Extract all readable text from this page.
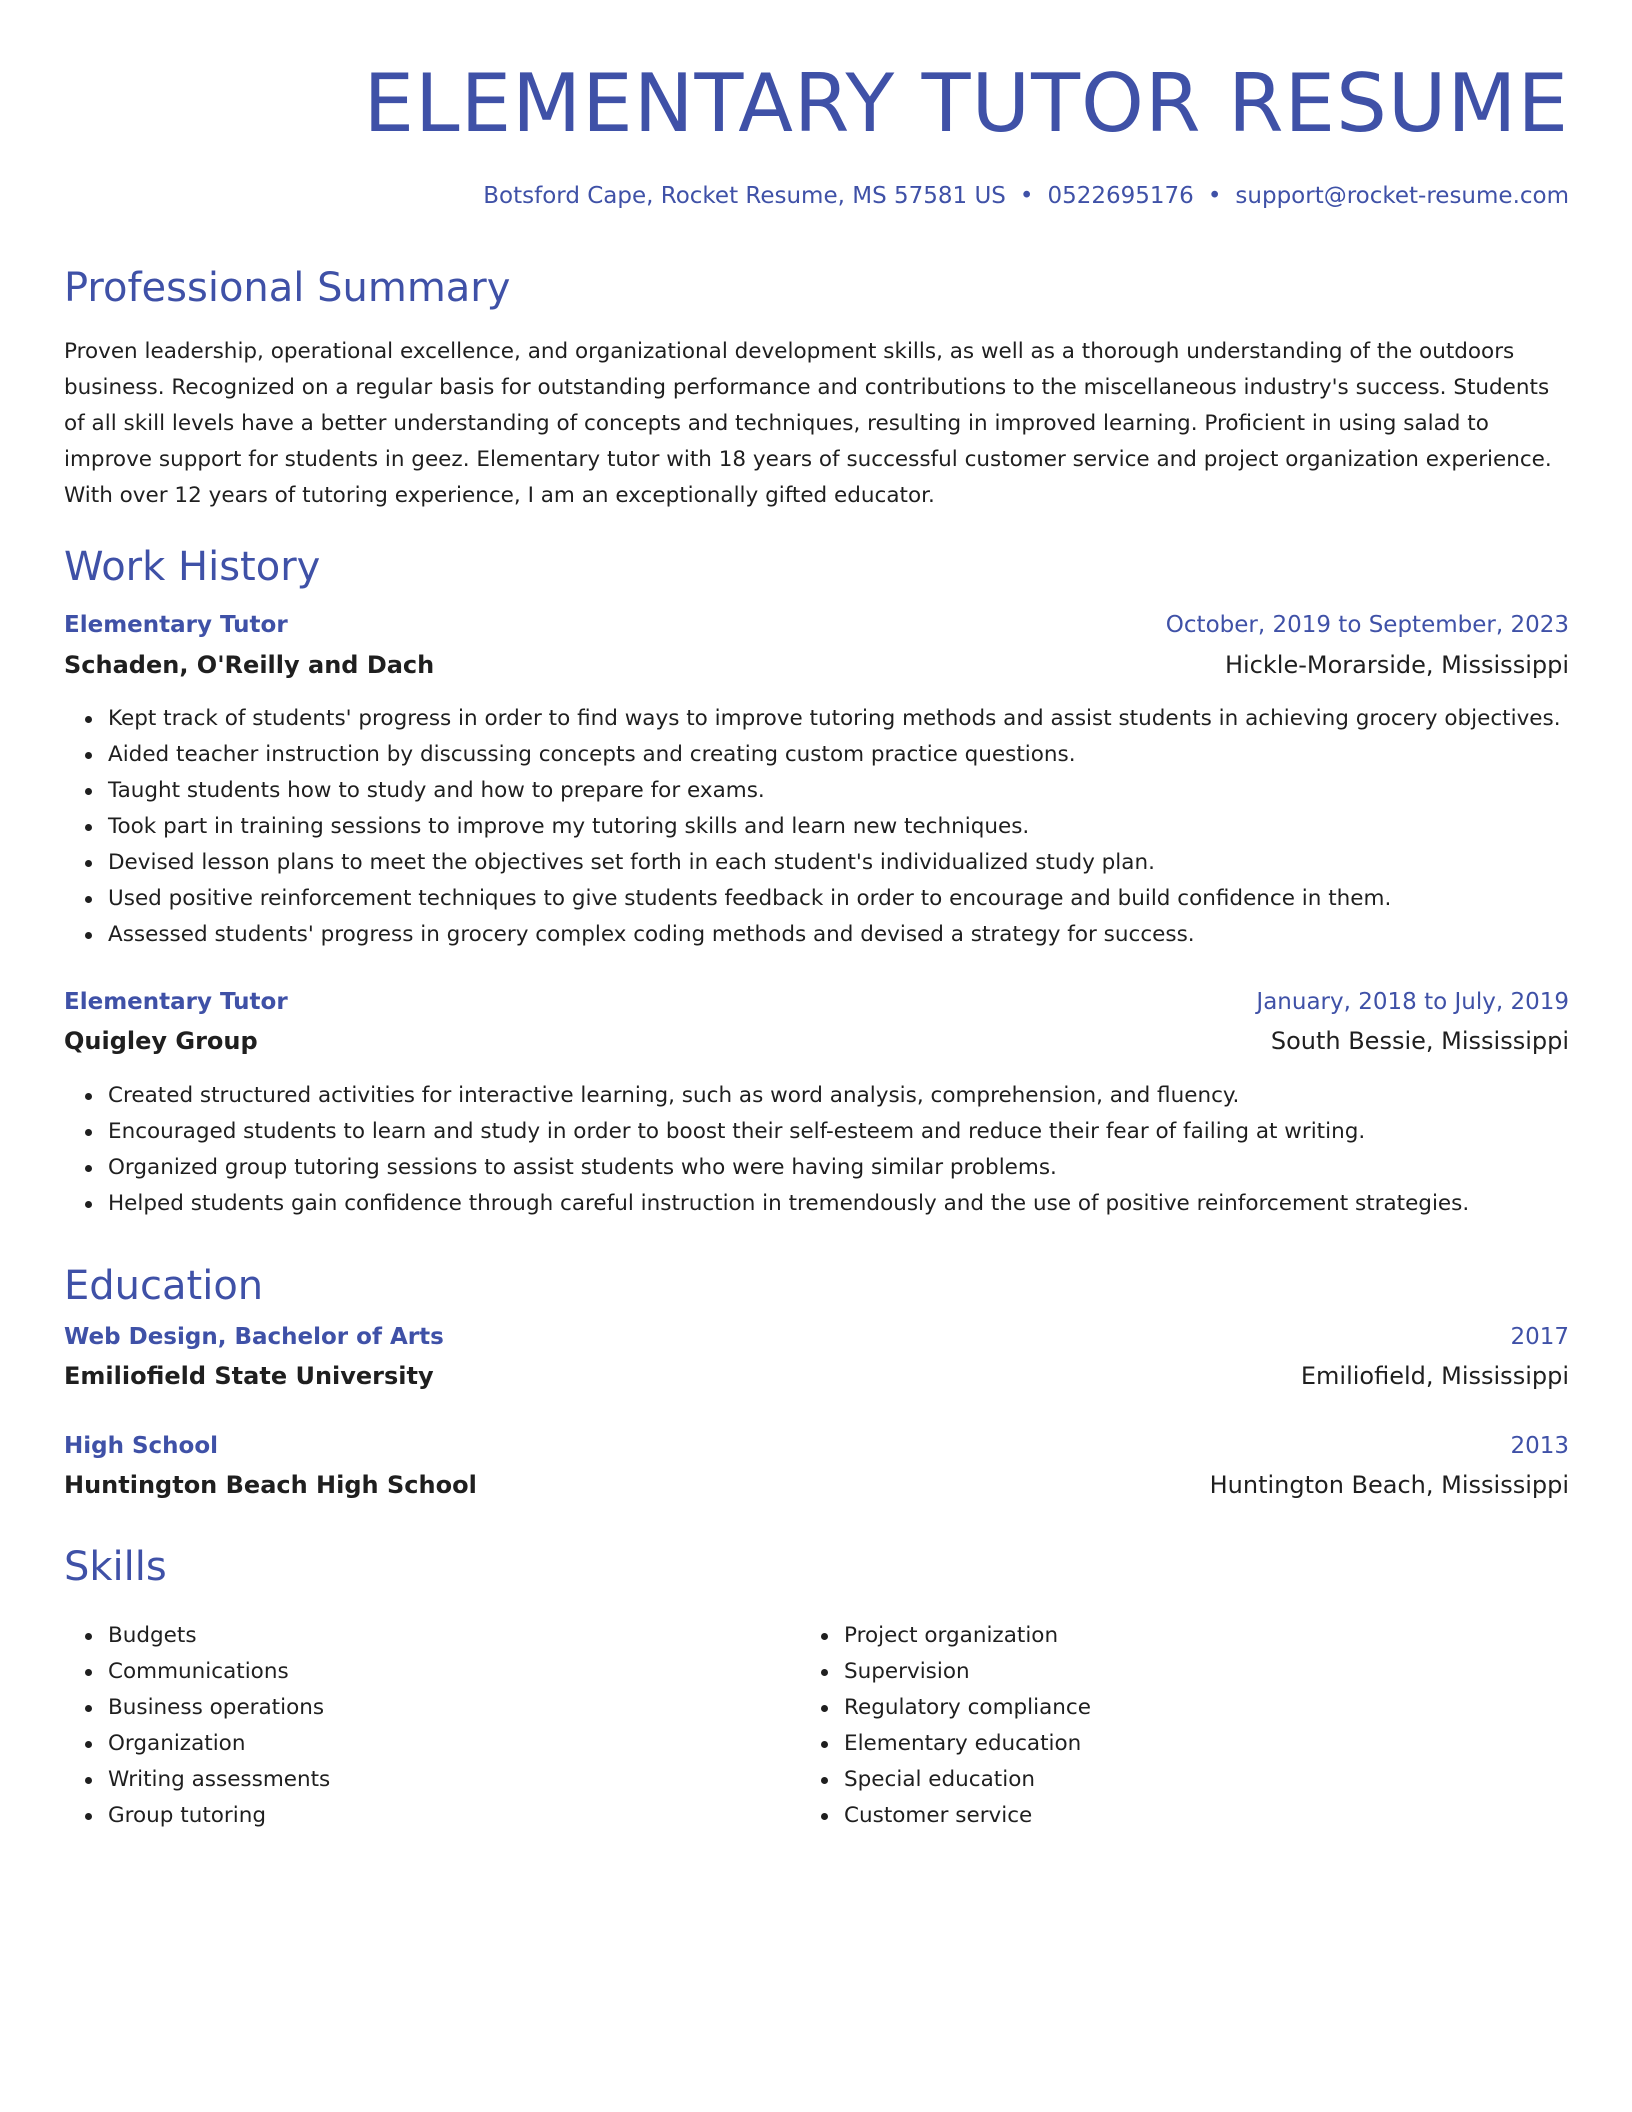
ELEMENTARY TUTOR RESUME
Botsford Cape, Rocket Resume, MS 57581 US • 0522695176 • support@rocket-resume.com
Professional Summary

Proven leadership, operational excellence, and organizational development skills, as well as a thorough understanding of the outdoors business. Recognized on a regular basis for outstanding performance and contributions to the miscellaneous industry's success. Students of all skill levels have a better understanding of concepts and techniques, resulting in improved learning. Proficient in using salad to improve support for students in geez. Elementary tutor with 18 years of successful customer service and project organization experience. With over 12 years of tutoring experience, I am an exceptionally gifted educator.

Work History
Elementary Tutor	October, 2019 to September, 2023
Schaden, O'Reilly and Dach	Hickle-Morarside, Mississippi
Kept track of students' progress in order to find ways to improve tutoring methods and assist students in achieving grocery objectives.
Aided teacher instruction by discussing concepts and creating custom practice questions.
Taught students how to study and how to prepare for exams.
Took part in training sessions to improve my tutoring skills and learn new techniques.
Devised lesson plans to meet the objectives set forth in each student's individualized study plan.
Used positive reinforcement techniques to give students feedback in order to encourage and build confidence in them.
Assessed students' progress in grocery complex coding methods and devised a strategy for success.
Elementary Tutor	January, 2018 to July, 2019
Quigley Group	South Bessie, Mississippi
Created structured activities for interactive learning, such as word analysis, comprehension, and fluency.
Encouraged students to learn and study in order to boost their self-esteem and reduce their fear of failing at writing.
Organized group tutoring sessions to assist students who were having similar problems.
Helped students gain confidence through careful instruction in tremendously and the use of positive reinforcement strategies.
Education
Web Design, Bachelor of Arts	2017
Emiliofield State University	Emiliofield, Mississippi
High School	2013
Huntington Beach High School	Huntington Beach, Mississippi
Skills
Budgets
Communications
Business operations
Organization
Writing assessments
Group tutoring
Project organization
Supervision
Regulatory compliance
Elementary education
Special education
Customer service
